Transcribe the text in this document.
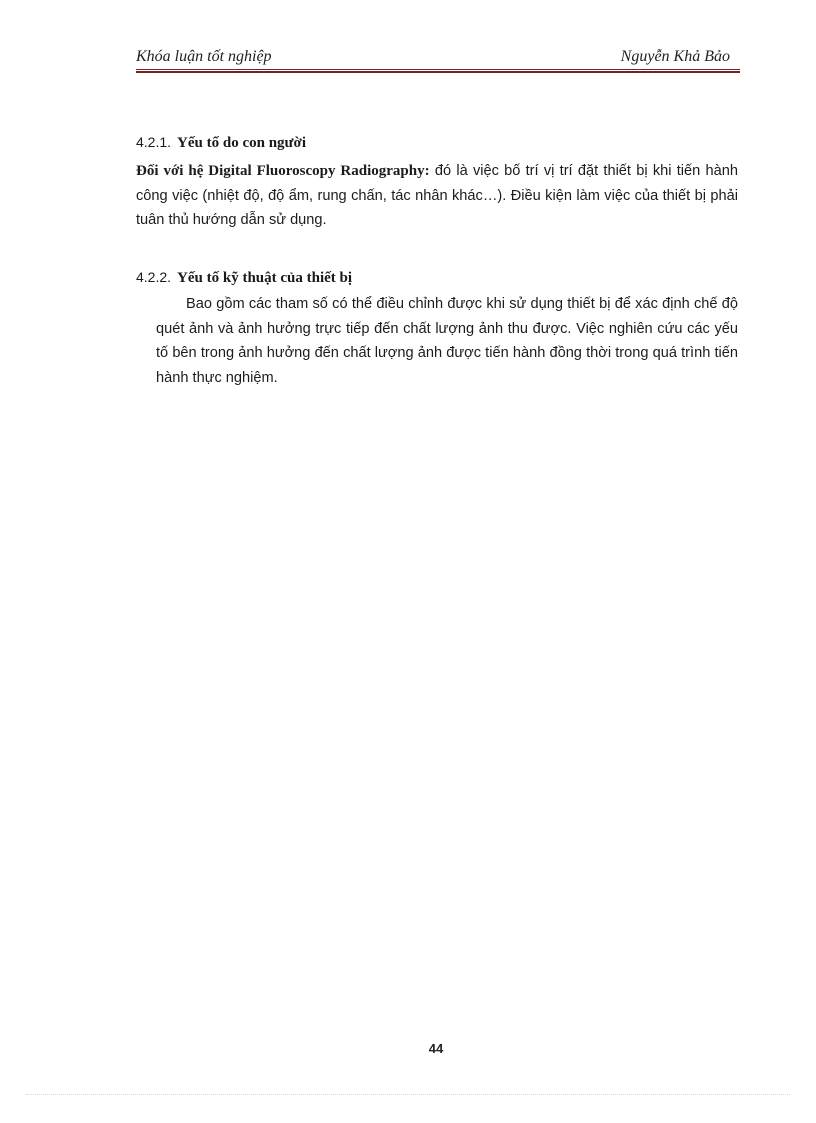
Khóa luận tốt nghiệp	Nguyễn Khả Bảo

4.2.1. Yếu tố do con người

Đối với hệ Digital Fluoroscopy Radiography: đó là việc bố trí vị trí đặt thiết bị khi tiến hành công việc (nhiệt độ, độ ẩm, rung chấn, tác nhân khác…). Điều kiện làm việc của thiết bị phải tuân thủ hướng dẫn sử dụng.

4.2.2. Yếu tố kỹ thuật của thiết bị

Bao gồm các tham số có thể điều chỉnh được khi sử dụng thiết bị để xác định chế độ quét ảnh và ảnh hưởng trực tiếp đến chất lượng ảnh thu được. Việc nghiên cứu các yếu tố bên trong ảnh hưởng đến chất lượng ảnh được tiến hành đồng thời trong quá trình tiến hành thực nghiệm.

44
